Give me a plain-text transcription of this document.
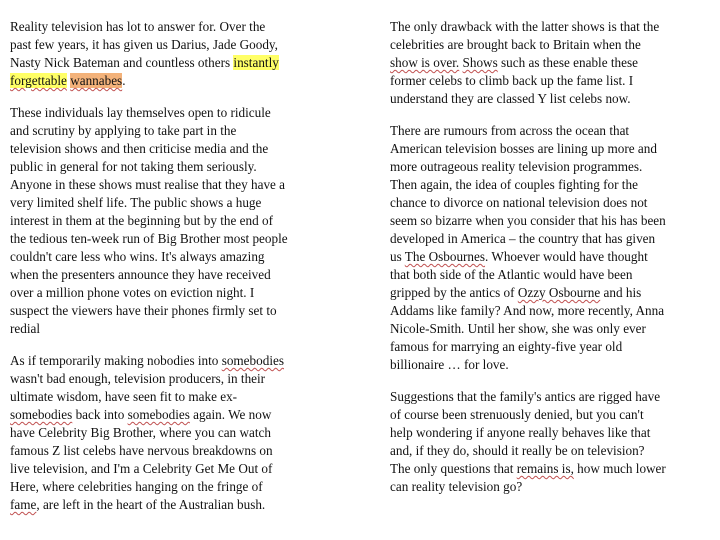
Reality television has lot to answer for. Over the
past few years, it has given us Darius, Jade Goody,
Nasty Nick Bateman and countless others instantly
forgettable wannabes.
These individuals lay themselves open to ridicule
and scrutiny by applying to take part in the
television shows and then criticise media and the
public in general for not taking them seriously.
Anyone in these shows must realise that they have a
very limited shelf life. The public shows a huge
interest in them at the beginning but by the end of
the tedious ten-week run of Big Brother most people
couldn't care less who wins. It's always amazing
when the presenters announce they have received
over a million phone votes on eviction night. I
suspect the viewers have their phones firmly set to
redial
As if temporarily making nobodies into somebodies
wasn't bad enough, television producers, in their
ultimate wisdom, have seen fit to make ex-
somebodies back into somebodies again. We now
have Celebrity Big Brother, where you can watch
famous Z list celebs have nervous breakdowns on
live television, and I'm a Celebrity Get Me Out of
Here, where celebrities hanging on the fringe of
fame, are left in the heart of the Australian bush.
The only drawback with the latter shows is that the
celebrities are brought back to Britain when the
show is over. Shows such as these enable these
former celebs to climb back up the fame list. I
understand they are classed Y list celebs now.
There are rumours from across the ocean that
American television bosses are lining up more and
more outrageous reality television programmes.
Then again, the idea of couples fighting for the
chance to divorce on national television does not
seem so bizarre when you consider that his has been
developed in America – the country that has given
us The Osbournes. Whoever would have thought
that both side of the Atlantic would have been
gripped by the antics of Ozzy Osbourne and his
Addams like family? And now, more recently, Anna
Nicole-Smith. Until her show, she was only ever
famous for marrying an eighty-five year old
billionaire … for love.
Suggestions that the family's antics are rigged have
of course been strenuously denied, but you can't
help wondering if anyone really behaves like that
and, if they do, should it really be on television?
The only questions that remains is, how much lower
can reality television go?
